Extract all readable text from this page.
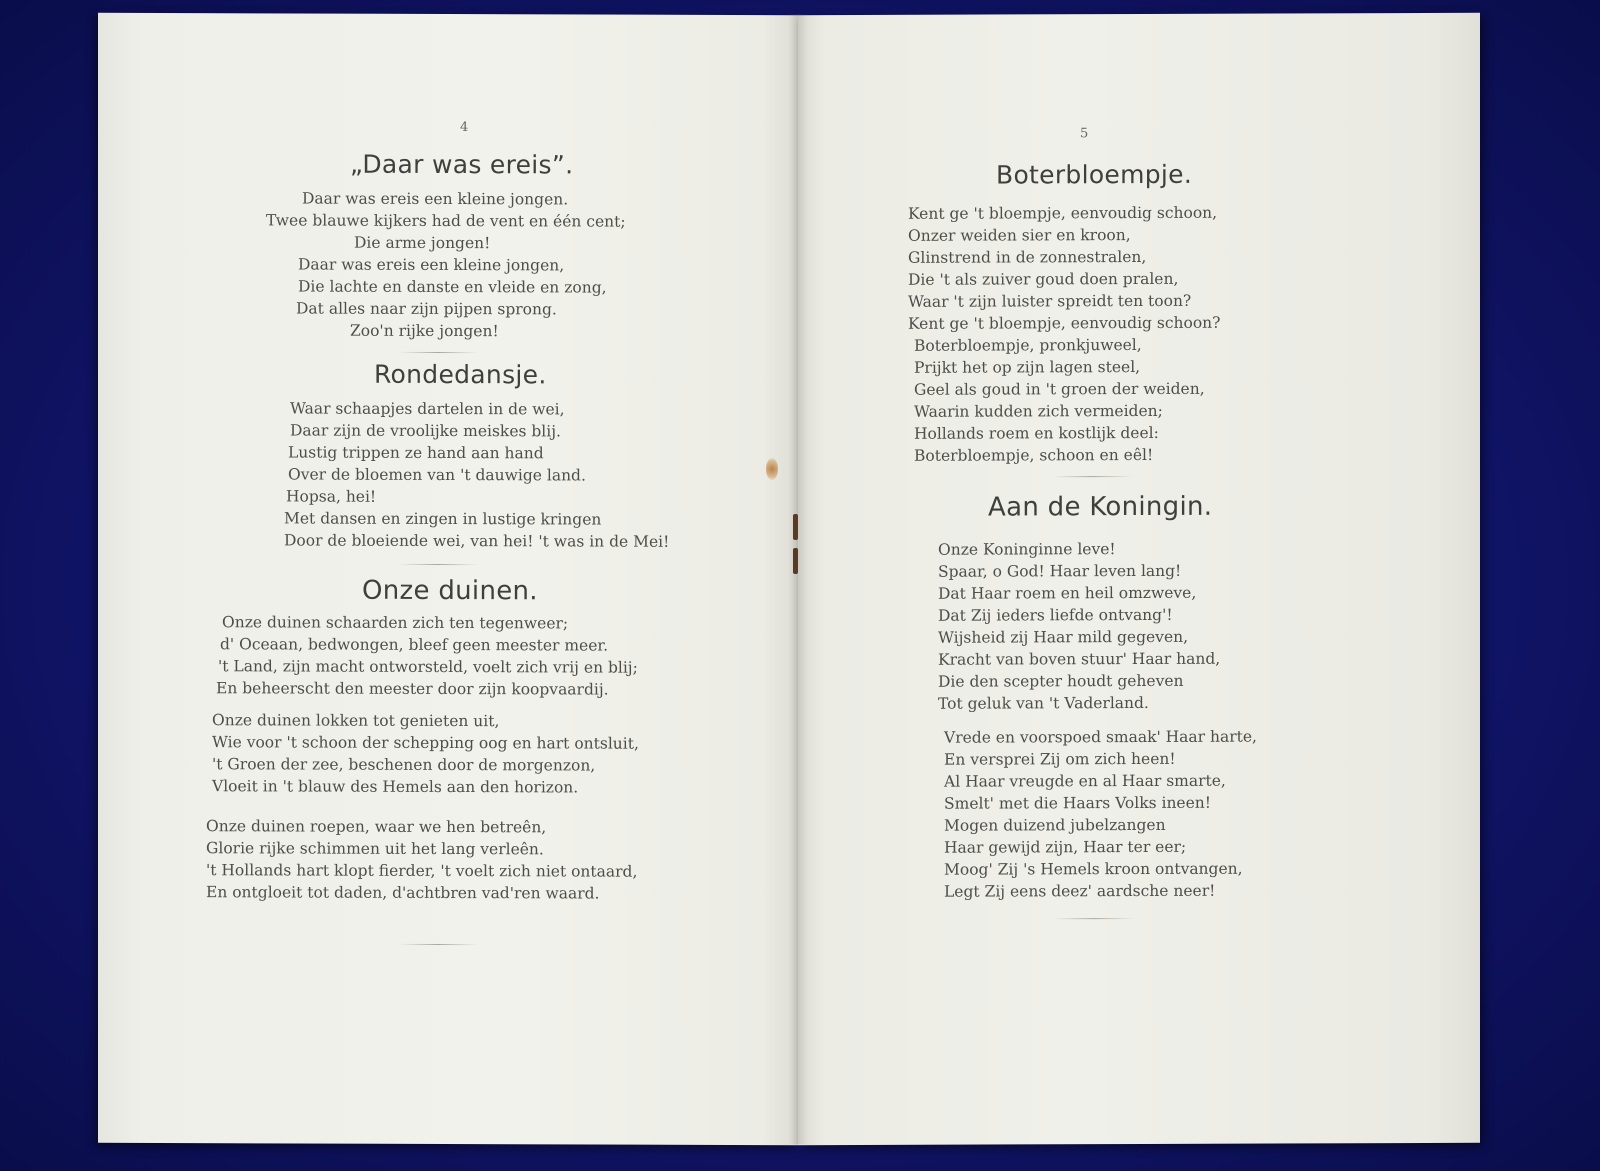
4
„Daar was ereis”.
Daar was ereis een kleine jongen.
Twee blauwe kijkers had de vent en één cent;
Die arme jongen!
Daar was ereis een kleine jongen,
Die lachte en danste en vleide en zong,
Dat alles naar zijn pijpen sprong.
Zoo'n rijke jongen!
Rondedansje.
Waar schaapjes dartelen in de wei,
Daar zijn de vroolijke meiskes blij.
Lustig trippen ze hand aan hand
Over de bloemen van 't dauwige land.
Hopsa, hei!
Met dansen en zingen in lustige kringen
Door de bloeiende wei, van hei! 't was in de Mei!
Onze duinen.
Onze duinen schaarden zich ten tegenweer;
d' Oceaan, bedwongen, bleef geen meester meer.
't Land, zijn macht ontworsteld, voelt zich vrij en blij;
En beheerscht den meester door zijn koopvaardij.
Onze duinen lokken tot genieten uit,
Wie voor 't schoon der schepping oog en hart ontsluit,
't Groen der zee, beschenen door de morgenzon,
Vloeit in 't blauw des Hemels aan den horizon.
Onze duinen roepen, waar we hen betreên,
Glorie rijke schimmen uit het lang verleên.
't Hollands hart klopt fierder, 't voelt zich niet ontaard,
En ontgloeit tot daden, d'achtbren vad'ren waard.
5
Boterbloempje.
Kent ge 't bloempje, eenvoudig schoon,
Onzer weiden sier en kroon,
Glinstrend in de zonnestralen,
Die 't als zuiver goud doen pralen,
Waar 't zijn luister spreidt ten toon?
Kent ge 't bloempje, eenvoudig schoon?
Boterbloempje, pronkjuweel,
Prijkt het op zijn lagen steel,
Geel als goud in 't groen der weiden,
Waarin kudden zich vermeiden;
Hollands roem en kostlijk deel:
Boterbloempje, schoon en eêl!
Aan de Koningin.
Onze Koninginne leve!
Spaar, o God! Haar leven lang!
Dat Haar roem en heil omzweve,
Dat Zij ieders liefde ontvang'!
Wijsheid zij Haar mild gegeven,
Kracht van boven stuur' Haar hand,
Die den scepter houdt geheven
Tot geluk van 't Vaderland.
Vrede en voorspoed smaak' Haar harte,
En versprei Zij om zich heen!
Al Haar vreugde en al Haar smarte,
Smelt' met die Haars Volks ineen!
Mogen duizend jubelzangen
Haar gewijd zijn, Haar ter eer;
Moog' Zij 's Hemels kroon ontvangen,
Legt Zij eens deez' aardsche neer!
